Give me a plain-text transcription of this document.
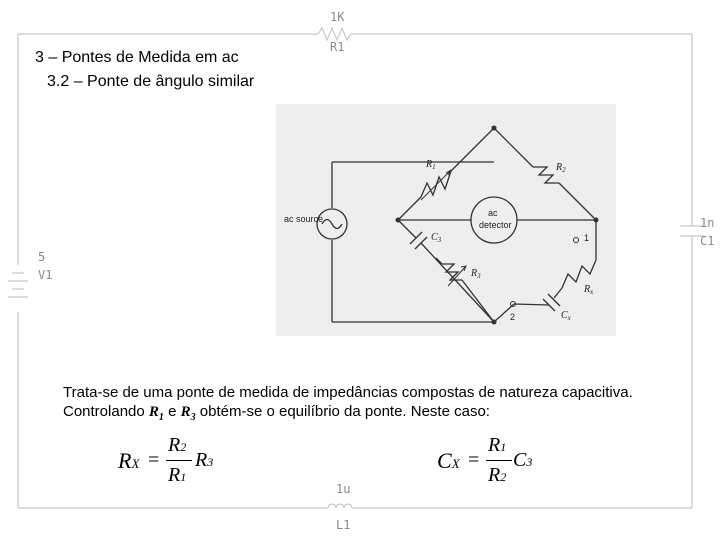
1K
R1
1n
C1
5
V1
1u
L1
3 – Pontes de Medida em ac
3.2 – Ponte de ângulo similar
ac source
ac
detector
1
2
$R_1$	$R_2$
$R_3$
$R_x$
$C_3$
$C_x$
Trata-se de uma ponte de medida de impedâncias compostas de natureza capacitiva.
Controlando $R_1$ e $R_3$ obtém-se o equilíbrio da ponte. Neste caso:
RX =
R2
R1
R3	CX =
R1
R2
C3
